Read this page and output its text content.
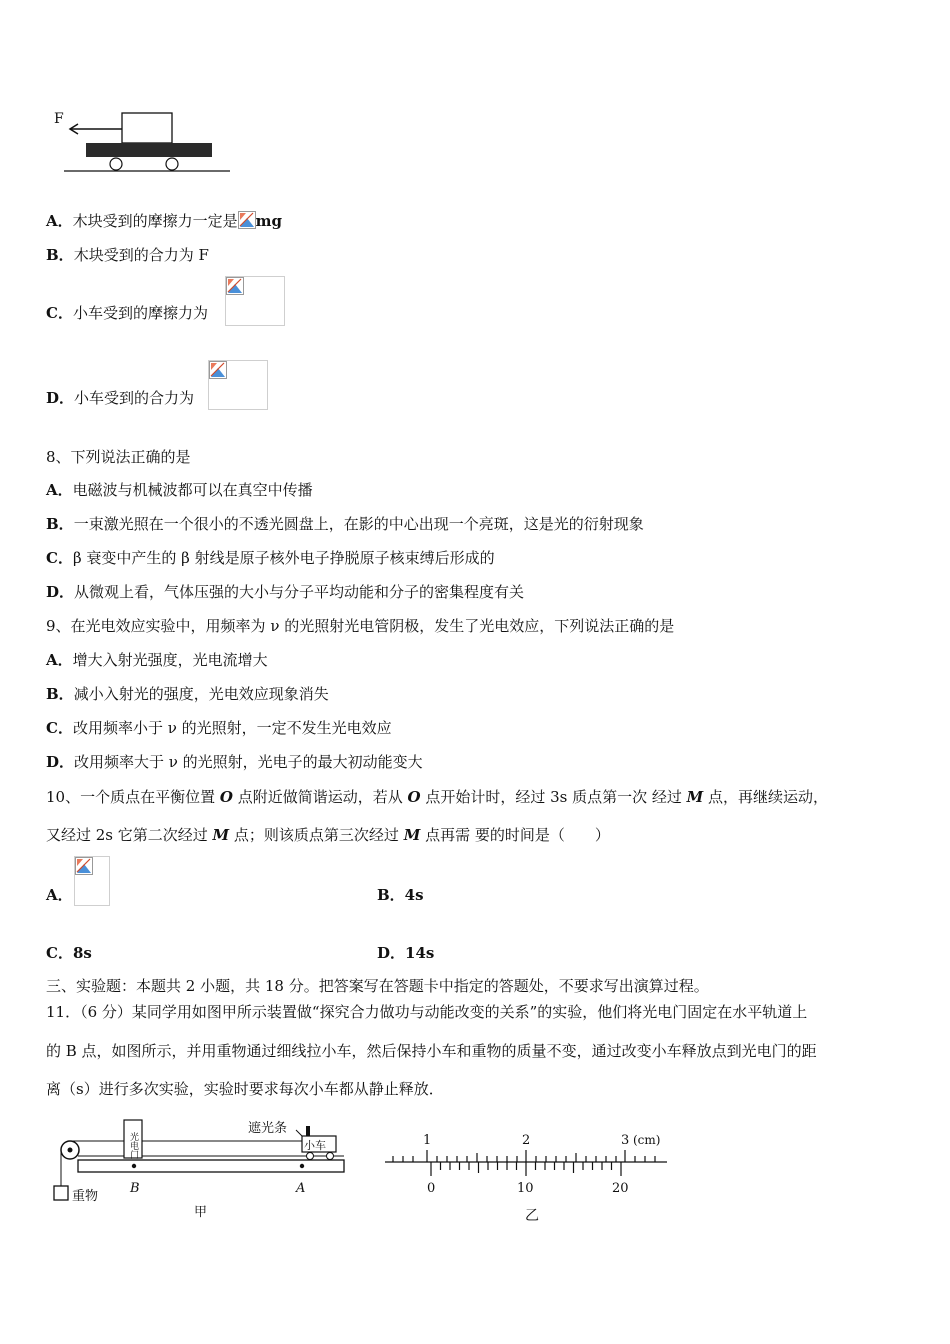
F
A．木块受到的摩擦力一定是 mg
B．木块受到的合力为 F
C．小车受到的摩擦力为
D．小车受到的合力为
8、下列说法正确的是
A．电磁波与机械波都可以在真空中传播
B．一束激光照在一个很小的不透光圆盘上，在影的中心出现一个亮斑，这是光的衍射现象
C．β 衰变中产生的 β 射线是原子核外电子挣脱原子核束缚后形成的
D．从微观上看，气体压强的大小与分子平均动能和分子的密集程度有关
9、在光电效应实验中，用频率为 ν 的光照射光电管阴极，发生了光电效应，下列说法正确的是
A．增大入射光强度，光电流增大
B．减小入射光的强度，光电效应现象消失
C．改用频率小于 ν 的光照射，一定不发生光电效应
D．改用频率大于 ν 的光照射，光电子的最大初动能变大
10、一个质点在平衡位置 O 点附近做简谐运动，若从 O 点开始计时，经过 3s 质点第一次 经过 M 点，再继续运动，
又经过 2s 它第二次经过 M 点；则该质点第三次经过 M 点再需 要的时间是（　　）
A．	B．4s
C．8s	D．14s
三、实验题：本题共 2 小题，共 18 分。把答案写在答题卡中指定的答题处，不要求写出演算过程。
11．（6 分）某同学用如图甲所示装置做“探究合力做功与动能改变的关系”的实验，他们将光电门固定在水平轨道上
的 B 点，如图所示，并用重物通过细线拉小车，然后保持小车和重物的质量不变，通过改变小车释放点到光电门的距
离（s）进行多次实验，实验时要求每次小车都从静止释放．
重物
光电门
B
遮光条
小车
A
甲
1	2	3 (cm)
0	10	20
乙
